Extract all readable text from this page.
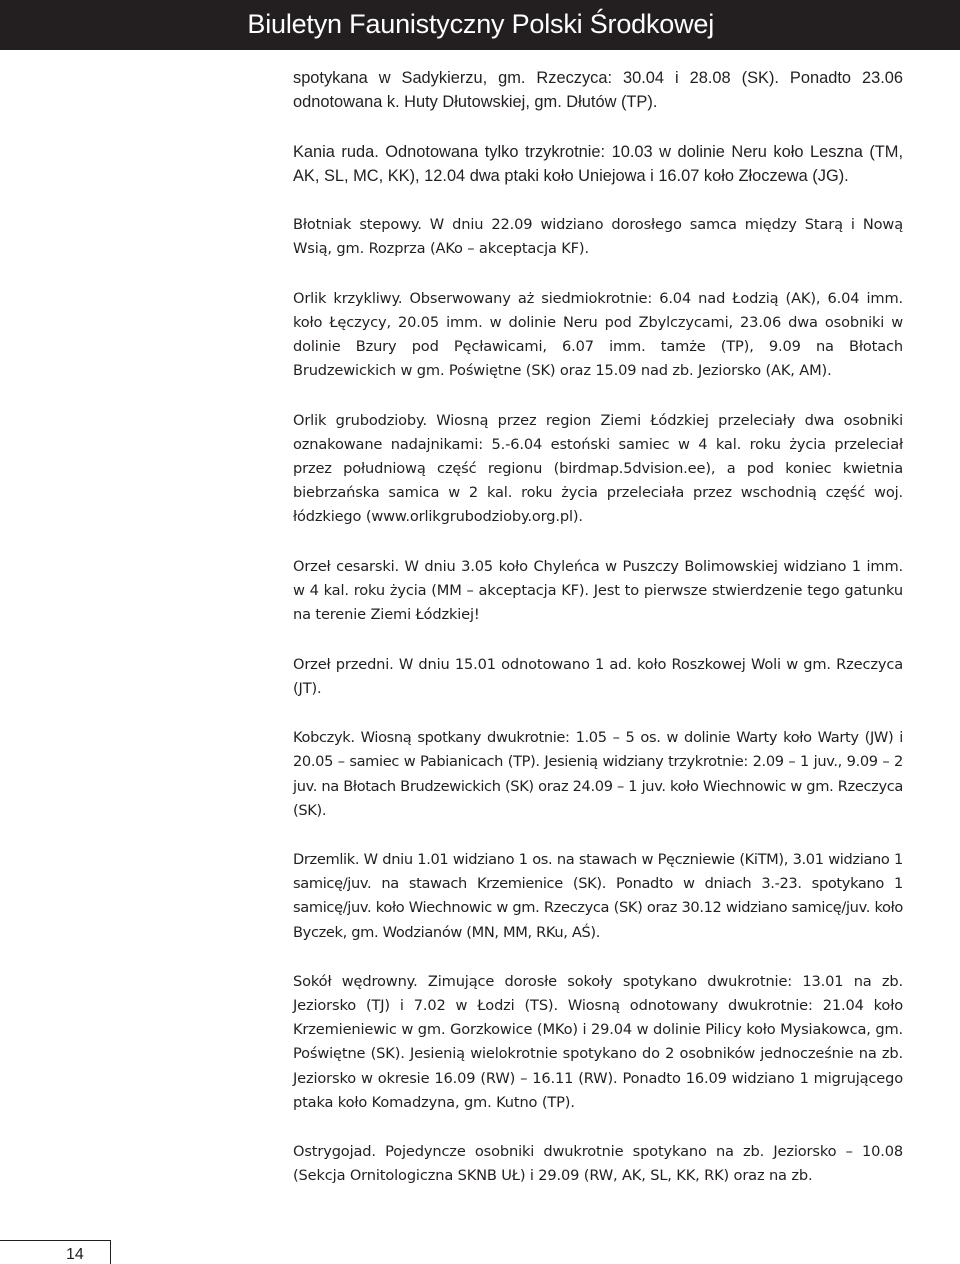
Biuletyn Faunistyczny Polski Środkowej

spotykana w Sadykierzu, gm. Rzeczyca: 30.04 i 28.08 (SK). Ponadto 23.06 odnotowana k. Huty Dłutowskiej, gm. Dłutów (TP).

Kania ruda. Odnotowana tylko trzykrotnie: 10.03 w dolinie Neru koło Leszna (TM, AK, SL, MC, KK), 12.04 dwa ptaki koło Uniejowa i 16.07 koło Złoczewa (JG).

Błotniak stepowy. W dniu 22.09 widziano dorosłego samca między Starą i Nową Wsią, gm. Rozprza (AKo – akceptacja KF).

Orlik krzykliwy. Obserwowany aż siedmiokrotnie: 6.04 nad Łodzią (AK), 6.04 imm. koło Łęczycy, 20.05 imm. w dolinie Neru pod Zbylczycami, 23.06 dwa osobniki w dolinie Bzury pod Pęcławicami, 6.07 imm. tamże (TP), 9.09 na Błotach Brudzewickich w gm. Poświętne (SK) oraz 15.09 nad zb. Jeziorsko (AK, AM).

Orlik grubodzioby. Wiosną przez region Ziemi Łódzkiej przeleciały dwa osobniki oznakowane nadajnikami: 5.-6.04 estoński samiec w 4 kal. roku życia przeleciał przez południową część regionu (birdmap.5dvision.ee), a pod koniec kwietnia biebrzańska samica w 2 kal. roku życia przeleciała przez wschodnią część woj. łódzkiego (www.orlikgrubodzioby.org.pl).

Orzeł cesarski. W dniu 3.05 koło Chyleńca w Puszczy Bolimowskiej widziano 1 imm. w 4 kal. roku życia (MM – akceptacja KF). Jest to pierwsze stwierdzenie tego gatunku na terenie Ziemi Łódzkiej!

Orzeł przedni. W dniu 15.01 odnotowano 1 ad. koło Roszkowej Woli w gm. Rzeczyca (JT).

Kobczyk. Wiosną spotkany dwukrotnie: 1.05 – 5 os. w dolinie Warty koło Warty (JW) i 20.05 – samiec w Pabianicach (TP). Jesienią widziany trzykrotnie: 2.09 – 1 juv., 9.09 – 2 juv. na Błotach Brudzewickich (SK) oraz 24.09 – 1 juv. koło Wiechnowic w gm. Rzeczyca (SK).

Drzemlik. W dniu 1.01 widziano 1 os. na stawach w Pęczniewie (KiTM), 3.01 widziano 1 samicę/juv. na stawach Krzemienice (SK). Ponadto w dniach 3.-23. spotykano 1 samicę/juv. koło Wiechnowic w gm. Rzeczyca (SK) oraz 30.12 widziano samicę/juv. koło Byczek, gm. Wodzianów (MN, MM, RKu, AŚ).

Sokół wędrowny. Zimujące dorosłe sokoły spotykano dwukrotnie: 13.01 na zb. Jeziorsko (TJ) i 7.02 w Łodzi (TS). Wiosną odnotowany dwukrotnie: 21.04 koło Krzemieniewic w gm. Gorzkowice (MKo) i 29.04 w dolinie Pilicy koło Mysiakowca, gm. Poświętne (SK). Jesienią wielokrotnie spotykano do 2 osobników jednocześnie na zb. Jeziorsko w okresie 16.09 (RW) – 16.11 (RW). Ponadto 16.09 widziano 1 migrującego ptaka koło Komadzyna, gm. Kutno (TP).

Ostrygojad. Pojedyncze osobniki dwukrotnie spotykano na zb. Jeziorsko – 10.08 (Sekcja Ornitologiczna SKNB UŁ) i 29.09 (RW, AK, SL, KK, RK) oraz na zb.

14
